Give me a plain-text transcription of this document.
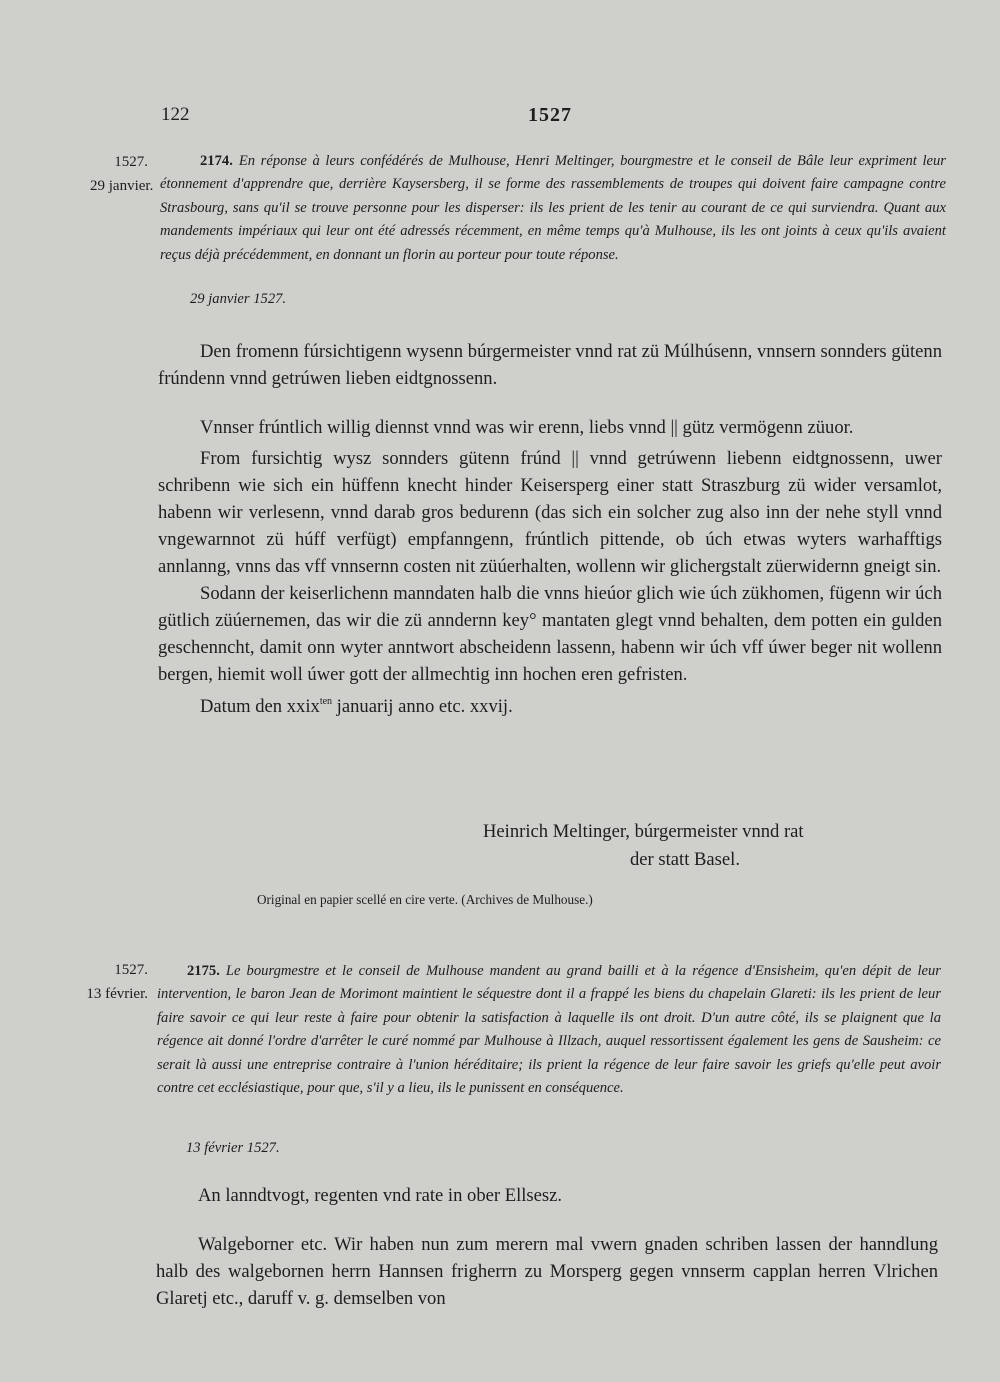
122	1527
1527.
29 janvier.
2174. En réponse à leurs confédérés de Mulhouse, Henri Meltinger, bourgmestre et le conseil de Bâle leur expriment leur étonnement d'apprendre que, derrière Kaysersberg, il se forme des rassemblements de troupes qui doivent faire campagne contre Strasbourg, sans qu'il se trouve personne pour les disperser: ils les prient de les tenir au courant de ce qui surviendra. Quant aux mandements impériaux qui leur ont été adressés récemment, en même temps qu'à Mulhouse, ils les ont joints à ceux qu'ils avaient reçus déjà précédemment, en donnant un florin au porteur pour toute réponse.
29 janvier 1527.

Den fromenn fúrsichtigenn wysenn búrgermeister vnnd rat zü Múlhúsenn, vnnsern sonnders gütenn frúndenn vnnd getrúwen lieben eidtgnossenn.

Vnnser frúntlich willig diennst vnnd was wir erenn, liebs vnnd || gütz vermögenn züuor.

From fursichtig wysz sonnders gütenn frúnd || vnnd getrúwenn liebenn eidtgnossenn, uwer schribenn wie sich ein hüffenn knecht hinder Keisersperg einer statt Straszburg zü wider versamlot, habenn wir verlesenn, vnnd darab gros bedurenn (das sich ein solcher zug also inn der nehe styll vnnd vngewarnnot zü húff verfügt) empfanngenn, frúntlich pittende, ob úch etwas wyters warhafftigs annlanng, vnns das vff vnnsernn costen nit züúerhalten, wollenn wir glichergstalt züerwidernn gneigt sin.

Sodann der keiserlichenn manndaten halb die vnns hieúor glich wie úch zükhomen, fügenn wir úch gütlich züúernemen, das wir die zü anndernn key° mantaten glegt vnnd behalten, dem potten ein gulden geschenncht, damit onn wyter anntwort abscheidenn lassenn, habenn wir úch vff úwer beger nit wollenn bergen, hiemit woll úwer gott der allmechtig inn hochen eren gefristen.

Datum den xxix$^{ten}$ januarij anno etc. xxvij.

Heinrich Meltinger, búrgermeister vnnd rat
der statt Basel.
Original en papier scellé en cire verte. (Archives de Mulhouse.)
1527.
13 février.
2175. Le bourgmestre et le conseil de Mulhouse mandent au grand bailli et à la régence d'Ensisheim, qu'en dépit de leur intervention, le baron Jean de Morimont maintient le séquestre dont il a frappé les biens du chapelain Glareti: ils les prient de leur faire savoir ce qui leur reste à faire pour obtenir la satisfaction à laquelle ils ont droit. D'un autre côté, ils se plaignent que la régence ait donné l'ordre d'arrêter le curé nommé par Mulhouse à Illzach, auquel ressortissent également les gens de Sausheim: ce serait là aussi une entreprise contraire à l'union héréditaire; ils prient la régence de leur faire savoir les griefs qu'elle peut avoir contre cet ecclésiastique, pour que, s'il y a lieu, ils le punissent en conséquence.
13 février 1527.

An lanndtvogt, regenten vnd rate in ober Ellsesz.

Walgeborner etc. Wir haben nun zum merern mal vwern gnaden schriben lassen der hanndlung halb des walgebornen herrn Hannsen frigherrn zu Morsperg gegen vnnserm capplan herren Vlrichen Glaretj etc., daruff v. g. demselben von
